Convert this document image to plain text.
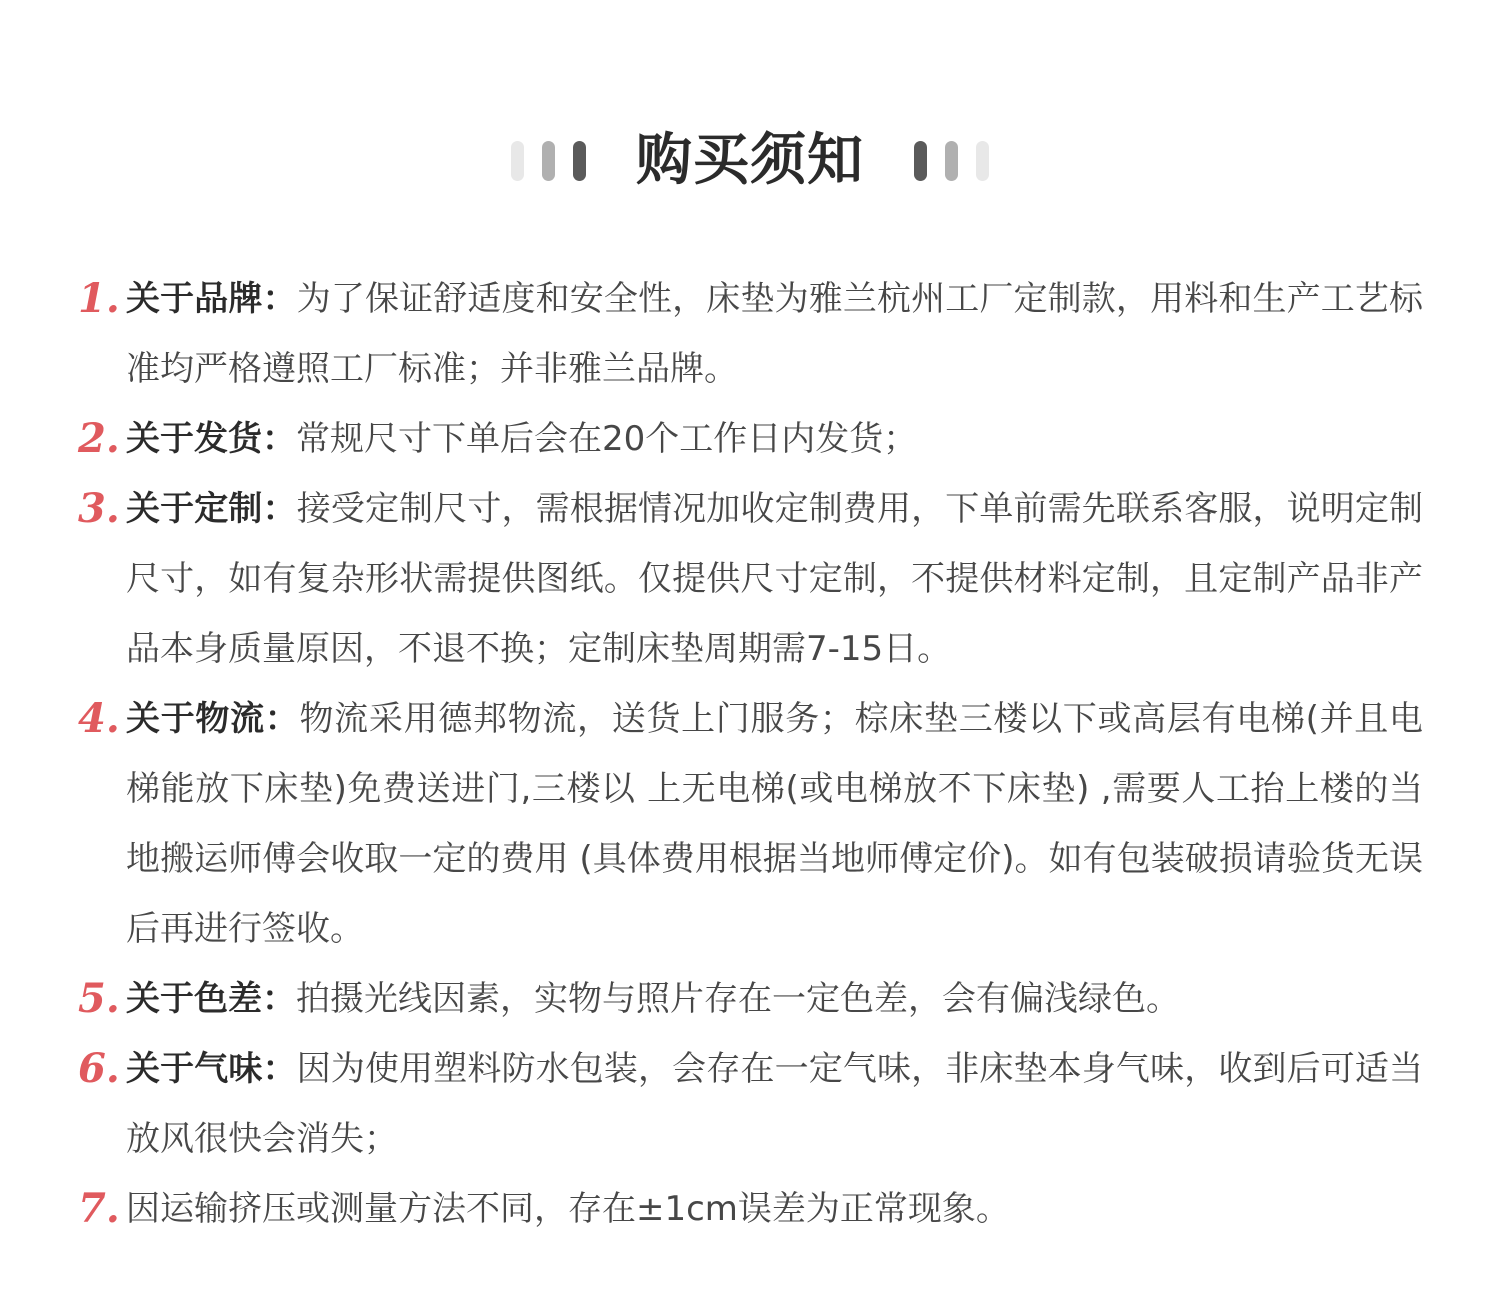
购买须知
1. 关于品牌：为了保证舒适度和安全性，床垫为雅兰杭州工厂定制款，用料和生产工艺标准均严格遵照工厂标准；并非雅兰品牌。
2. 关于发货：常规尺寸下单后会在20个工作日内发货；
3. 关于定制：接受定制尺寸，需根据情况加收定制费用，下单前需先联系客服，说明定制尺寸，如有复杂形状需提供图纸。仅提供尺寸定制，不提供材料定制，且定制产品非产品本身质量原因，不退不换；定制床垫周期需7-15日。
4. 关于物流：物流采用德邦物流，送货上门服务；棕床垫三楼以下或高层有电梯(并且电梯能放下床垫)免费送进门,三楼以 上无电梯(或电梯放不下床垫) ,需要人工抬上楼的当地搬运师傅会收取一定的费用 (具体费用根据当地师傅定价)。如有包装破损请验货无误后再进行签收。
5. 关于色差：拍摄光线因素，实物与照片存在一定色差，会有偏浅绿色。
6. 关于气味：因为使用塑料防水包装，会存在一定气味，非床垫本身气味，收到后可适当放风很快会消失；
7. 因运输挤压或测量方法不同，存在±1cm误差为正常现象。
